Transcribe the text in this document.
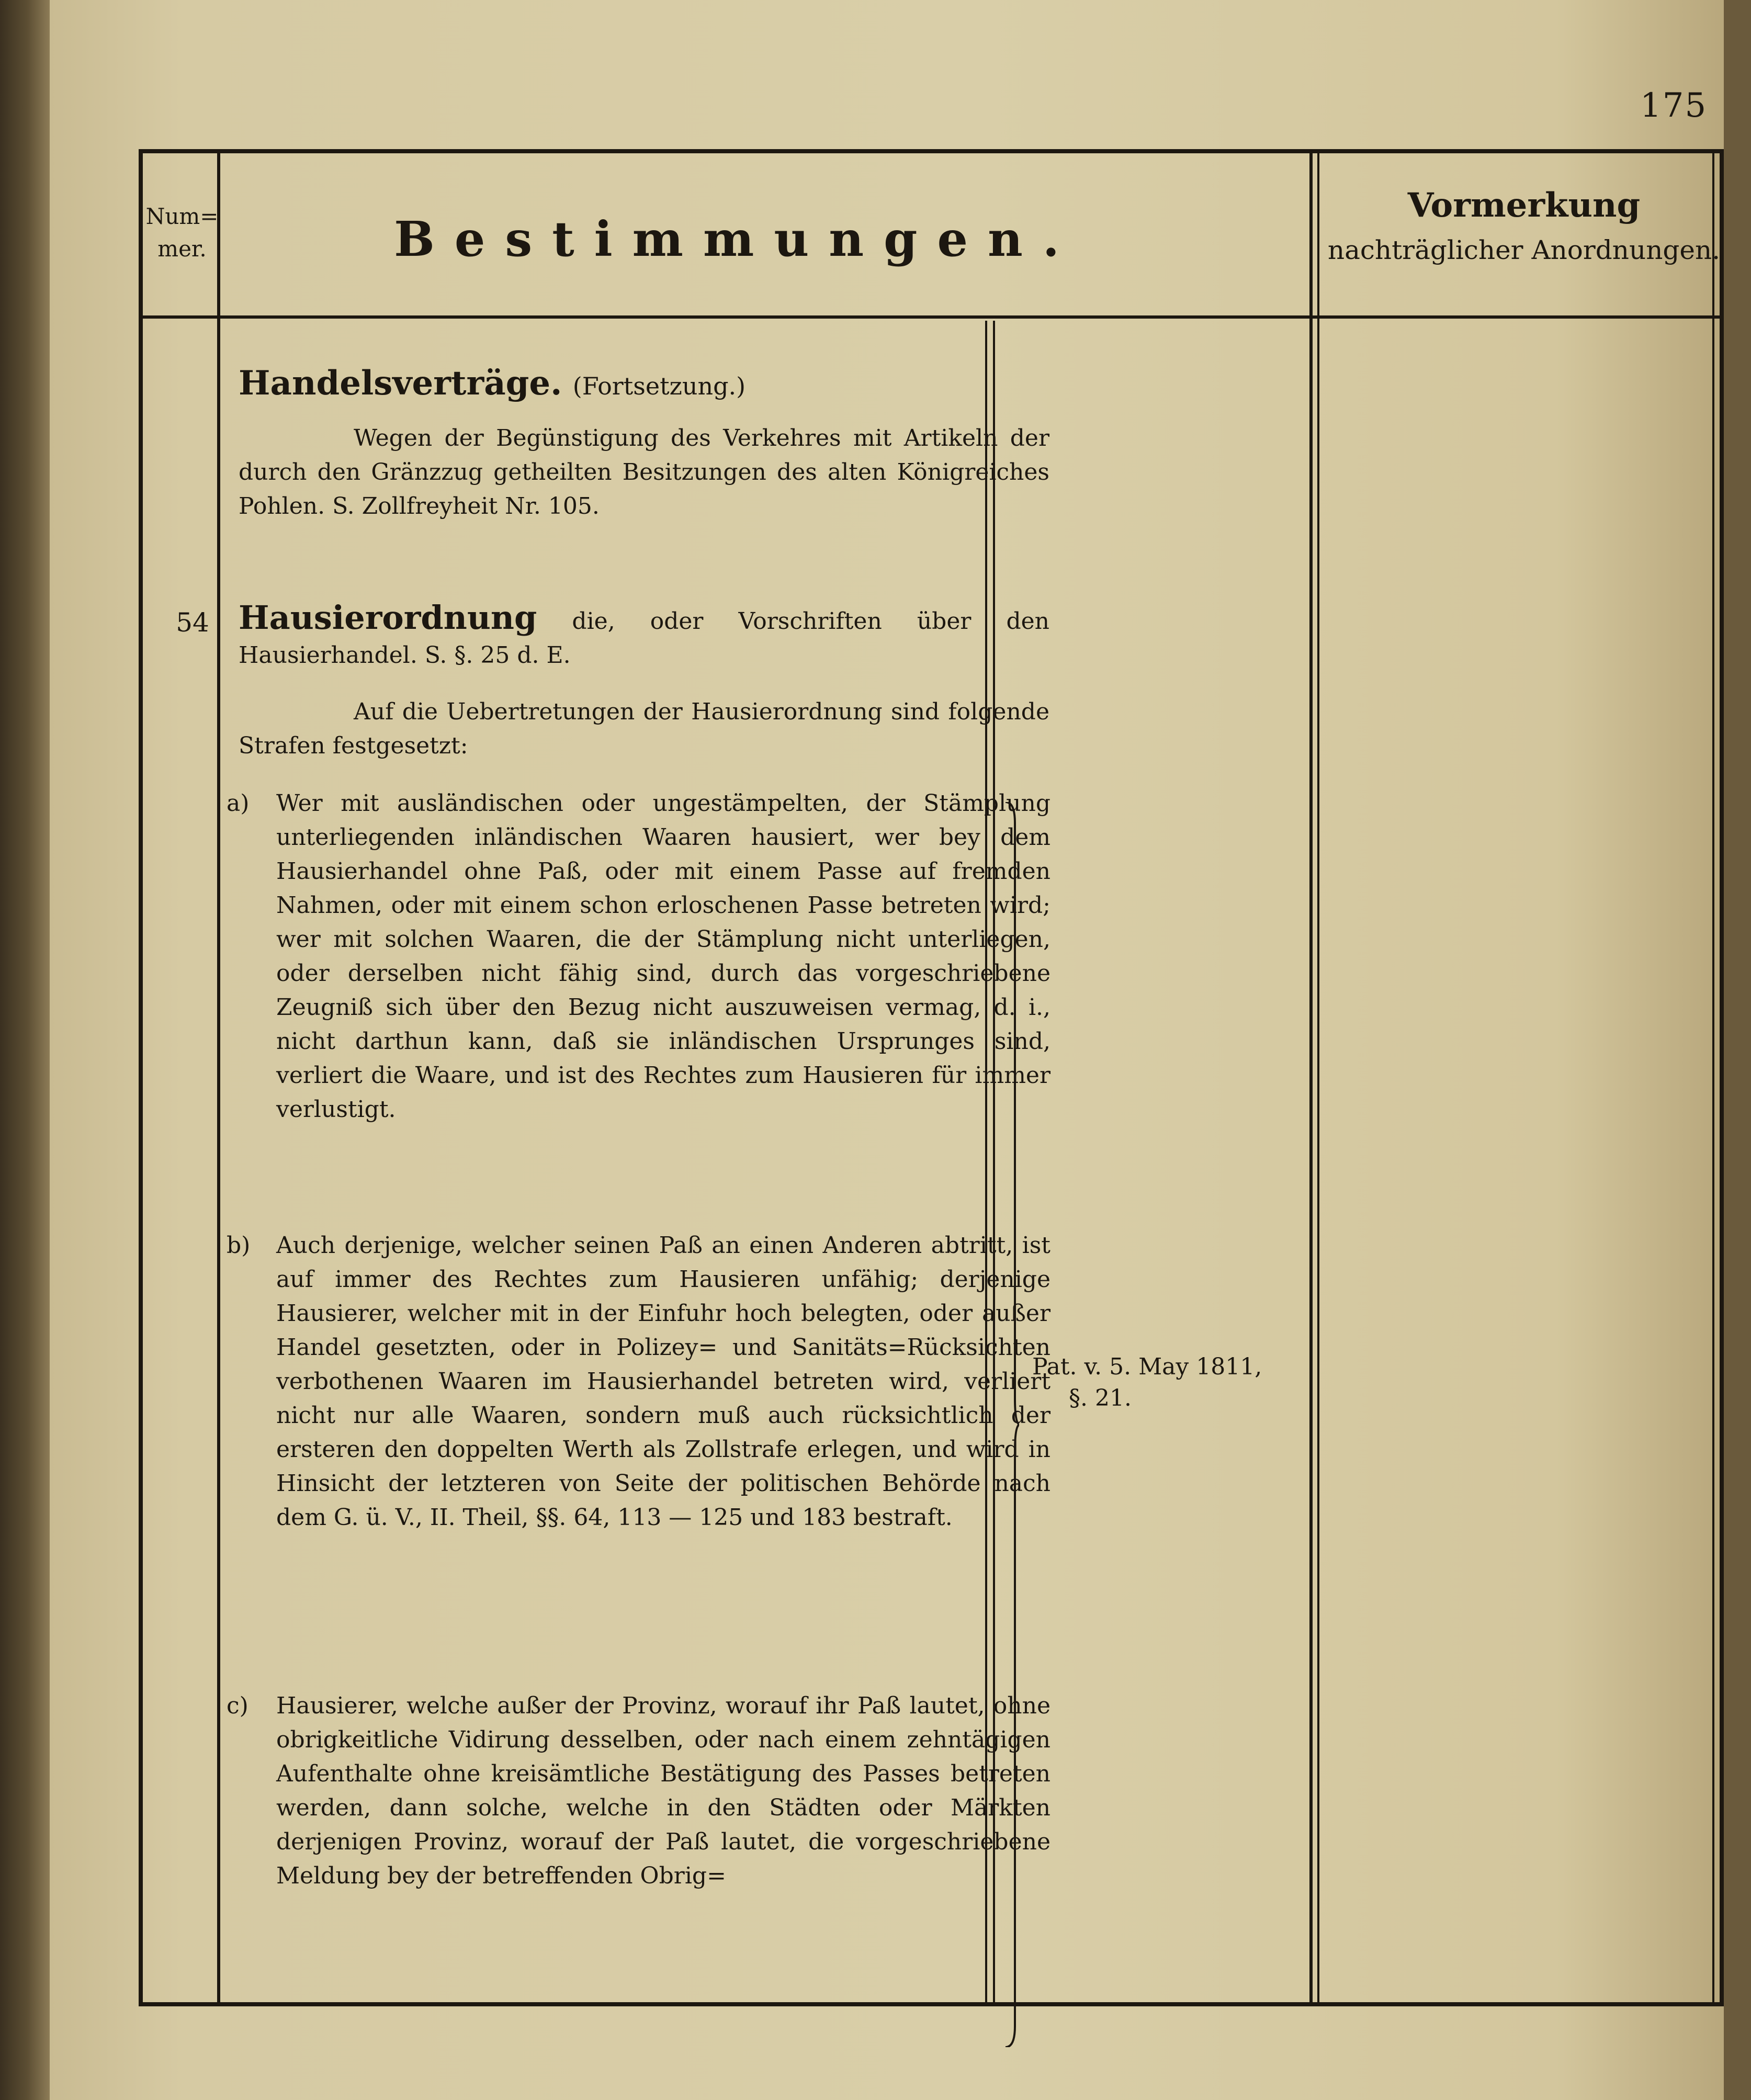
175
Num=
mer.	Bestimmungen.
Vormerkung
nachträglicher Anordnungen.
Handelsverträge. (Fortsetzung.)
Wegen der Begünstigung des Verkehres mit Artikeln der durch den Gränzzug getheilten Besitzungen des alten Königreiches Pohlen. S. Zollfreyheit Nr. 105.
54 Hausierordnung die, oder Vorschriften über den Hausierhandel. S. §. 25 d. E.
Auf die Uebertretungen der Hausierordnung sind folgende Strafen festgesetzt:
a)	Wer mit ausländischen oder ungestämpelten, der Stämplung unterliegenden inländischen Waaren hausiert, wer bey dem Hausierhandel ohne Paß, oder mit einem Passe auf fremden Nahmen, oder mit einem schon erloschenen Passe betreten wird; wer mit solchen Waaren, die der Stämplung nicht unterliegen, oder derselben nicht fähig sind, durch das vorgeschriebene Zeugniß sich über den Bezug nicht auszuweisen vermag, d. i., nicht darthun kann, daß sie inländischen Ursprunges sind, verliert die Waare, und ist des Rechtes zum Hausieren für immer verlustigt.
b)	Auch derjenige, welcher seinen Paß an einen Anderen abtritt, ist auf immer des Rechtes zum Hausieren unfähig; derjenige Hausierer, welcher mit in der Einfuhr hoch belegten, oder außer Handel gesetzten, oder in Polizey= und Sanitäts=Rücksichten verbothenen Waaren im Hausierhandel betreten wird, verliert nicht nur alle Waaren, sondern muß auch rücksichtlich der ersteren den doppelten Werth als Zollstrafe erlegen, und wird in Hinsicht der letzteren von Seite der politischen Behörde nach dem G. ü. V., II. Theil, §§. 64, 113 — 125 und 183 bestraft.
c)	Hausierer, welche außer der Provinz, worauf ihr Paß lautet, ohne obrigkeitliche Vidirung desselben, oder nach einem zehntägigen Aufenthalte ohne kreisämtliche Bestätigung des Passes betreten werden, dann solche, welche in den Städten oder Märkten derjenigen Provinz, worauf der Paß lautet, die vorgeschriebene Meldung bey der betreffenden Obrig=
Pat. v. 5. May 1811,
§. 21.
